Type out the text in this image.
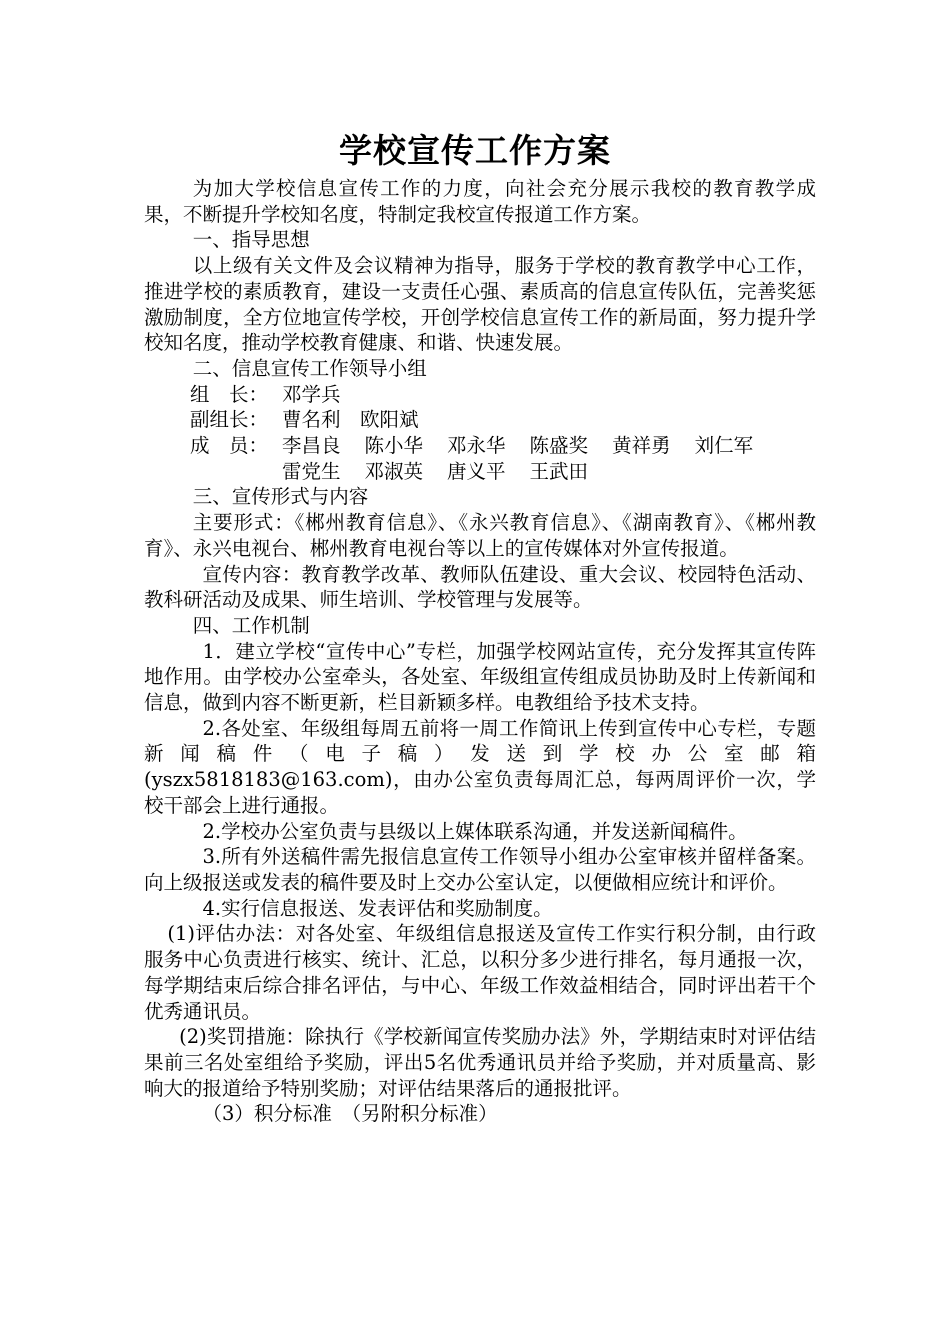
学校宣传工作方案

为加大学校信息宣传工作的力度，向社会充分展示我校的教育教学成果，不断提升学校知名度，特制定我校宣传报道工作方案。

一、指导思想

以上级有关文件及会议精神为指导，服务于学校的教育教学中心工作，推进学校的素质教育，建设一支责任心强、素质高的信息宣传队伍，完善奖惩激励制度，全方位地宣传学校，开创学校信息宣传工作的新局面，努力提升学校知名度，推动学校教育健康、和谐、快速发展。

二、信息宣传工作领导小组

组　长： 邓学兵
副组长： 曹名利　欧阳斌
成　员： 李昌良 陈小华 邓永华 陈盛奖 黄祥勇 刘仁军
雷党生 邓淑英 唐义平 王武田

三、宣传形式与内容

主要形式：《郴州教育信息》、《永兴教育信息》、《湖南教育》、《郴州教育》、永兴电视台、郴州教育电视台等以上的宣传媒体对外宣传报道。

宣传内容：教育教学改革、教师队伍建设、重大会议、校园特色活动、教科研活动及成果、师生培训、学校管理与发展等。

四、工作机制

1．建立学校“宣传中心”专栏，加强学校网站宣传，充分发挥其宣传阵地作用。由学校办公室牵头，各处室、年级组宣传组成员协助及时上传新闻和信息，做到内容不断更新，栏目新颖多样。电教组给予技术支持。

2.各处室、年级组每周五前将一周工作简讯上传到宣传中心专栏，专题新闻稿件（电子稿）发送到学校办公室邮箱

(yszx5818183@163.com)，由办公室负责每周汇总，每两周评价一次，学校干部会上进行通报。

2.学校办公室负责与县级以上媒体联系沟通，并发送新闻稿件。

3.所有外送稿件需先报信息宣传工作领导小组办公室审核并留样备案。向上级报送或发表的稿件要及时上交办公室认定，以便做相应统计和评价。

4.实行信息报送、发表评估和奖励制度。

(1)评估办法：对各处室、年级组信息报送及宣传工作实行积分制，由行政服务中心负责进行核实、统计、汇总，以积分多少进行排名，每月通报一次，每学期结束后综合排名评估，与中心、年级工作效益相结合，同时评出若干个优秀通讯员。

(2)奖罚措施：除执行《学校新闻宣传奖励办法》外，学期结束时对评估结果前三名处室组给予奖励，评出5名优秀通讯员并给予奖励，并对质量高、影响大的报道给予特别奖励；对评估结果落后的通报批评。

（3）积分标准　（另附积分标准）
